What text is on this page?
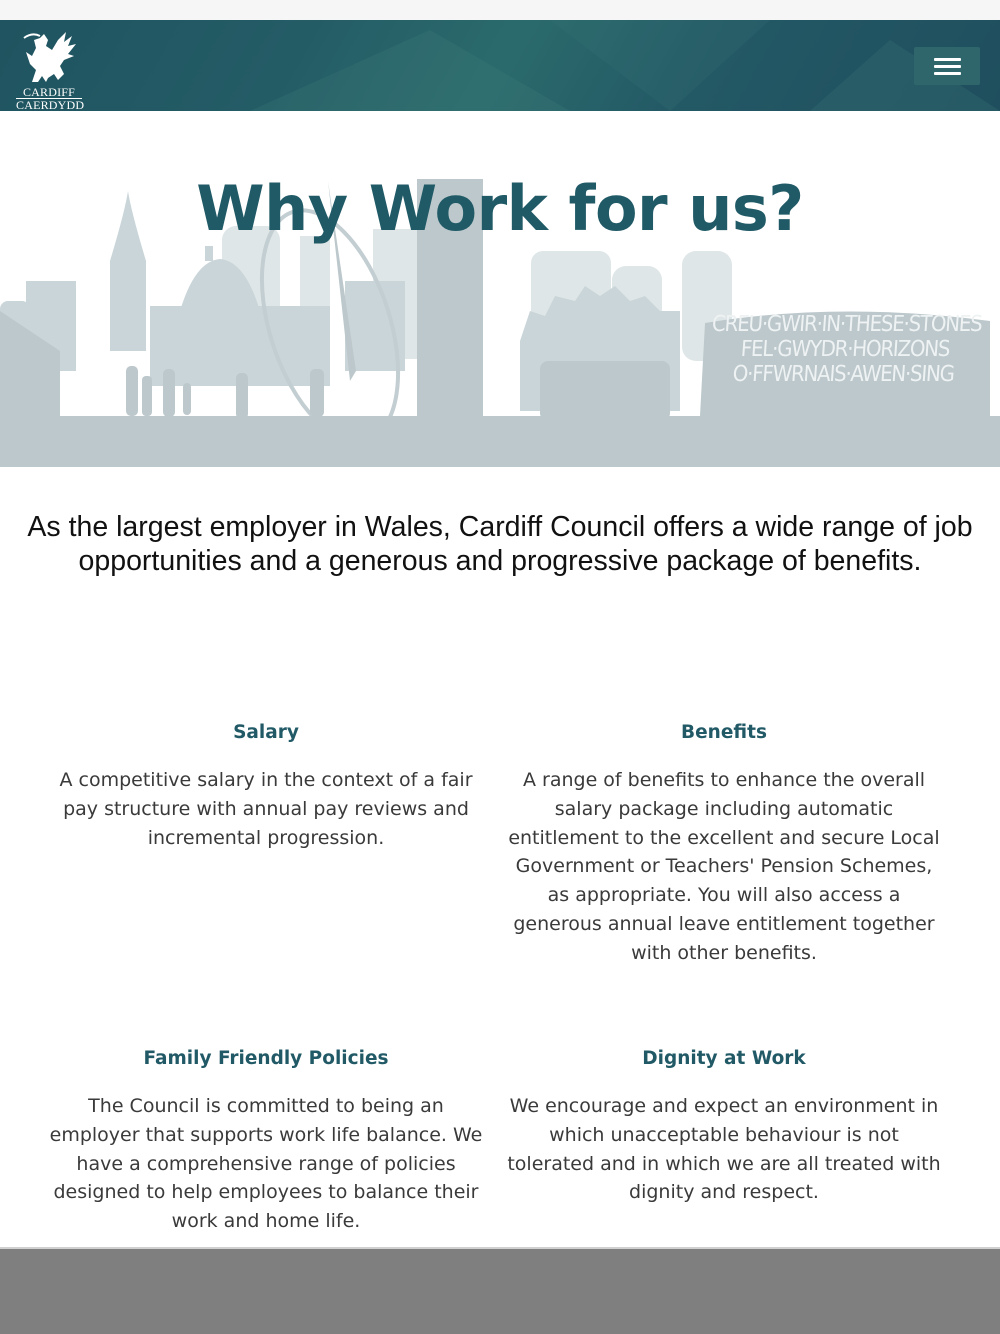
CARDIFF
CAERDYDD
Why Work for us?
CREU·GWIR·IN·THESE·STONES
FEL·GWYDR·HORIZONS
O·FFWRNAIS·AWEN·SING

As the largest employer in Wales, Cardiff Council offers a wide range of job opportunities and a generous and progressive package of benefits.

Salary

A competitive salary in the context of a fair pay structure with annual pay reviews and incremental progression.

Benefits

A range of benefits to enhance the overall salary package including automatic entitlement to the excellent and secure Local Government or Teachers' Pension Schemes, as appropriate. You will also access a generous annual leave entitlement together with other benefits.

Family Friendly Policies

The Council is committed to being an employer that supports work life balance. We have a comprehensive range of policies designed to help employees to balance their work and home life.

Dignity at Work

We encourage and expect an environment in which unacceptable behaviour is not tolerated and in which we are all treated with dignity and respect.
